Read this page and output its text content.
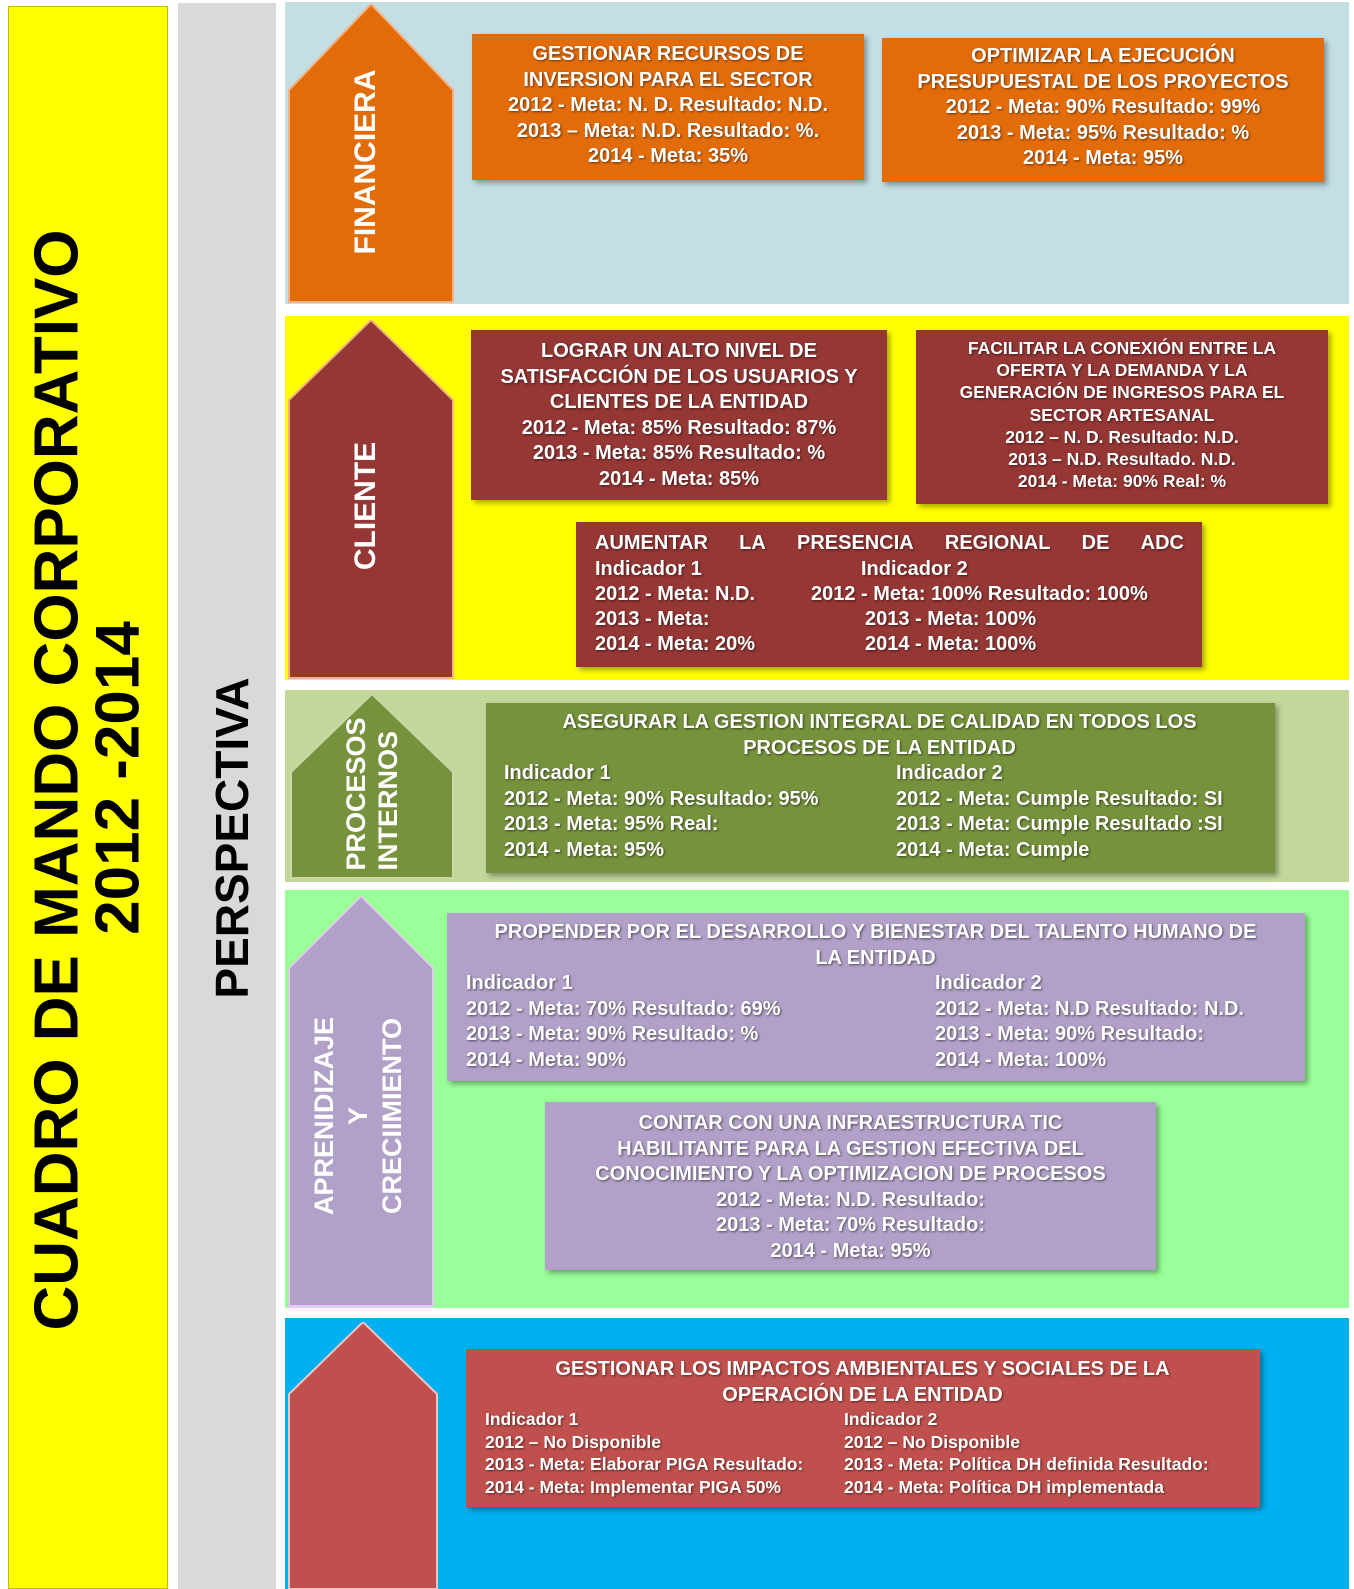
CUADRO DE MANDO CORPORATIVO
2012 -2014 PERSPECTIVA
FINANCIERA
GESTIONAR RECURSOS DE
INVERSION PARA EL SECTOR
2012 - Meta: N. D. Resultado: N.D.
2013 – Meta: N.D. Resultado: %.
2014 - Meta: 35%
OPTIMIZAR LA EJECUCIÓN
PRESUPUESTAL DE LOS PROYECTOS
2012 - Meta: 90% Resultado: 99%
2013 - Meta: 95% Resultado: %
2014 - Meta: 95%
CLIENTE
LOGRAR UN ALTO NIVEL DE
SATISFACCIÓN DE LOS USUARIOS Y
CLIENTES DE LA ENTIDAD
2012 - Meta: 85% Resultado: 87%
2013 - Meta: 85% Resultado: %
2014 - Meta: 85%
FACILITAR LA CONEXIÓN ENTRE LA
OFERTA Y LA DEMANDA Y LA
GENERACIÓN DE INGRESOS PARA EL
SECTOR ARTESANAL
2012 – N. D. Resultado: N.D.
2013 – N.D. Resultado. N.D.
2014 - Meta: 90% Real: %
AUMENTAR LA PRESENCIA REGIONAL DE ADC
Indicador 1
2012 - Meta: N.D.
2013 - Meta:
2014 - Meta: 20%
Indicador 2
2012 - Meta: 100% Resultado: 100%
2013 - Meta: 100%
2014 - Meta: 100%
PROCESOS INTERNOS
ASEGURAR LA GESTION INTEGRAL DE CALIDAD EN TODOS LOS
PROCESOS DE LA ENTIDAD
Indicador 1
2012 - Meta: 90% Resultado: 95%
2013 - Meta: 95% Real:
2014 - Meta: 95%
Indicador 2
2012 - Meta: Cumple Resultado: SI
2013 - Meta: Cumple Resultado :SI
2014 - Meta: Cumple
APRENIDIZAJE Y CRECIIMIENTO
PROPENDER POR EL DESARROLLO Y BIENESTAR DEL TALENTO HUMANO DE
LA ENTIDAD
Indicador 1
2012 - Meta: 70% Resultado: 69%
2013 - Meta: 90% Resultado: %
2014 - Meta: 90%
Indicador 2
2012 - Meta: N.D Resultado: N.D.
2013 - Meta: 90% Resultado:
2014 - Meta: 100%
CONTAR CON UNA INFRAESTRUCTURA TIC
HABILITANTE PARA LA GESTION EFECTIVA DEL
CONOCIMIENTO Y LA OPTIMIZACION DE PROCESOS
2012 - Meta: N.D. Resultado:
2013 - Meta: 70% Resultado:
2014 - Meta: 95%
GESTIONAR LOS IMPACTOS AMBIENTALES Y SOCIALES DE LA
OPERACIÓN DE LA ENTIDAD
Indicador 1
2012 – No Disponible
2013 - Meta: Elaborar PIGA Resultado:
2014 - Meta: Implementar PIGA 50%
Indicador 2
2012 – No Disponible
2013 - Meta: Política DH definida Resultado:
2014 - Meta: Política DH implementada
